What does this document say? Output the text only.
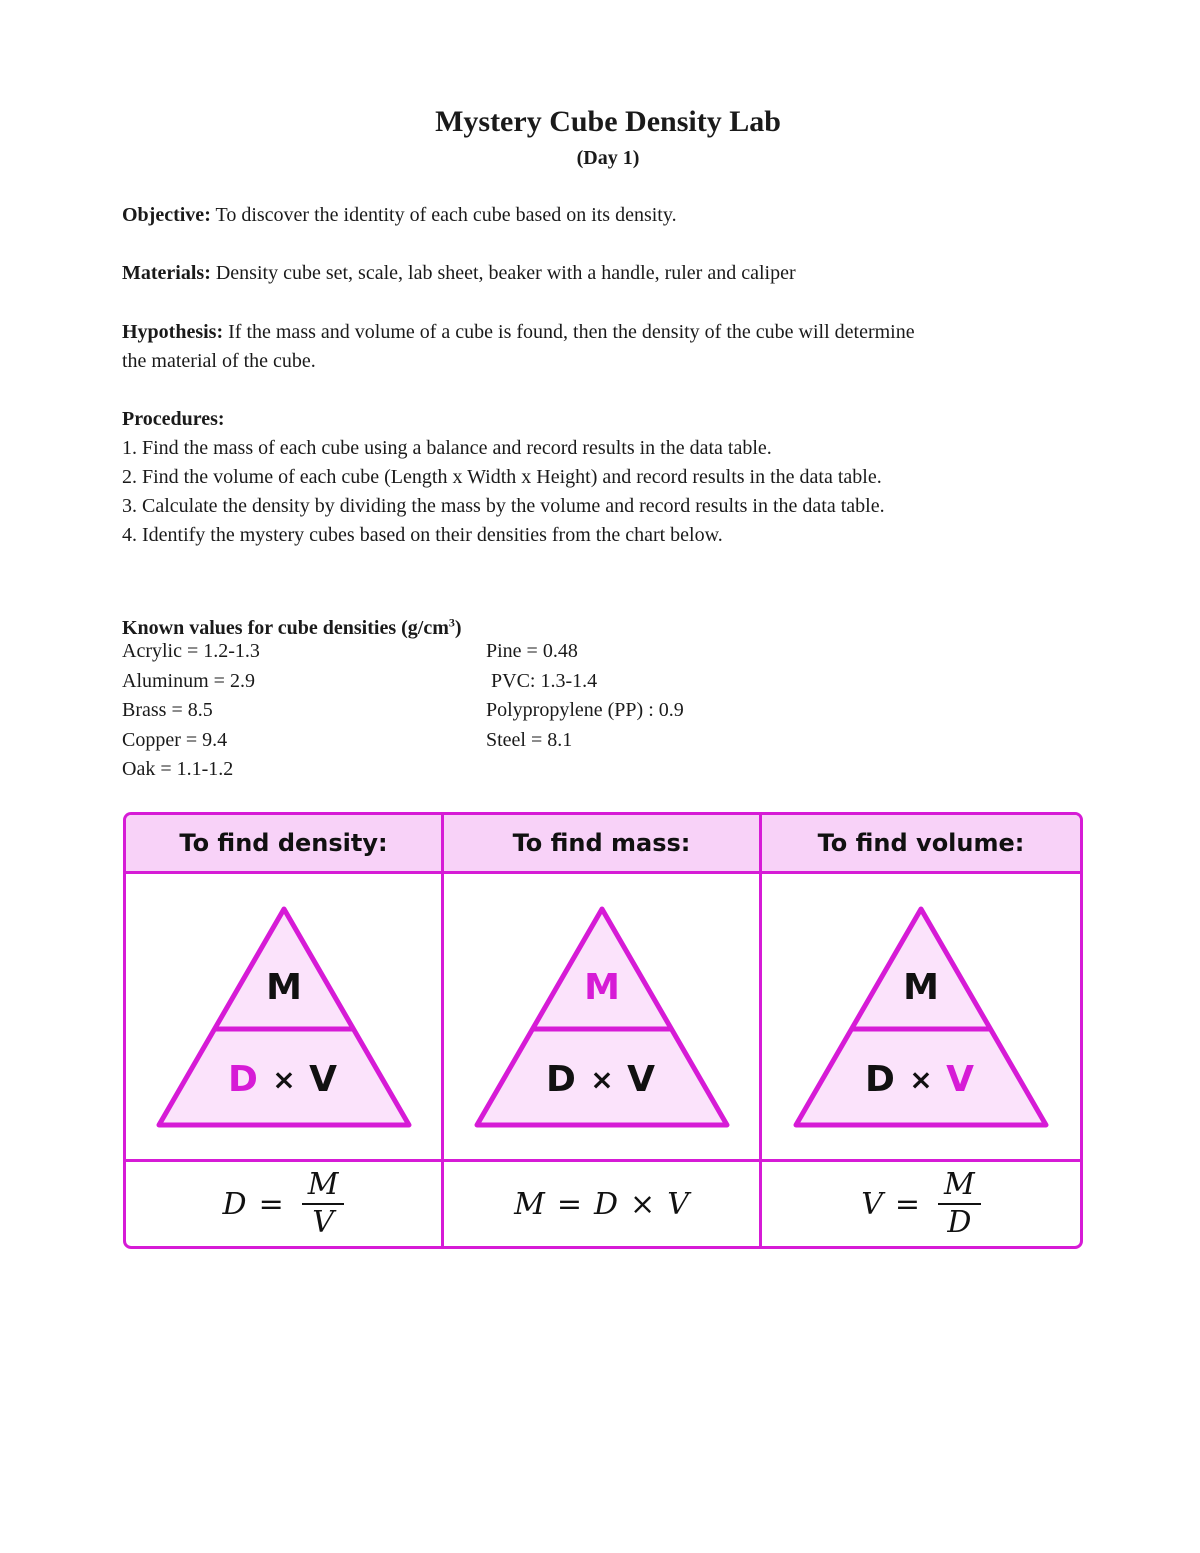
Mystery Cube Density Lab
(Day 1)
Objective: To discover the identity of each cube based on its density.
Materials: Density cube set, scale, lab sheet, beaker with a handle, ruler and caliper
Hypothesis: If the mass and volume of a cube is found, then the density of the cube will determine
the material of the cube.
Procedures:
1. Find the mass of each cube using a balance and record results in the data table.
2. Find the volume of each cube (Length x Width x Height) and record results in the data table.
3. Calculate the density by dividing the mass by the volume and record results in the data table.
4. Identify the mystery cubes based on their densities from the chart below.
Known values for cube densities $(g/cm^3)$
Acrylic = 1.2-1.3
Aluminum = 2.9
Brass = 8.5
Copper = 9.4
Oak = 1.1-1.2
Pine = 0.48
PVC: 1.3-1.4
Polypropylene (PP) : 0.9
Steel = 8.1
To find density:	To find mass:	To find volume:
M
D × V
M
D × V
M
D × V
$D = \frac{M}{V}$	M = D × V	$V = \frac{M}{D}$
